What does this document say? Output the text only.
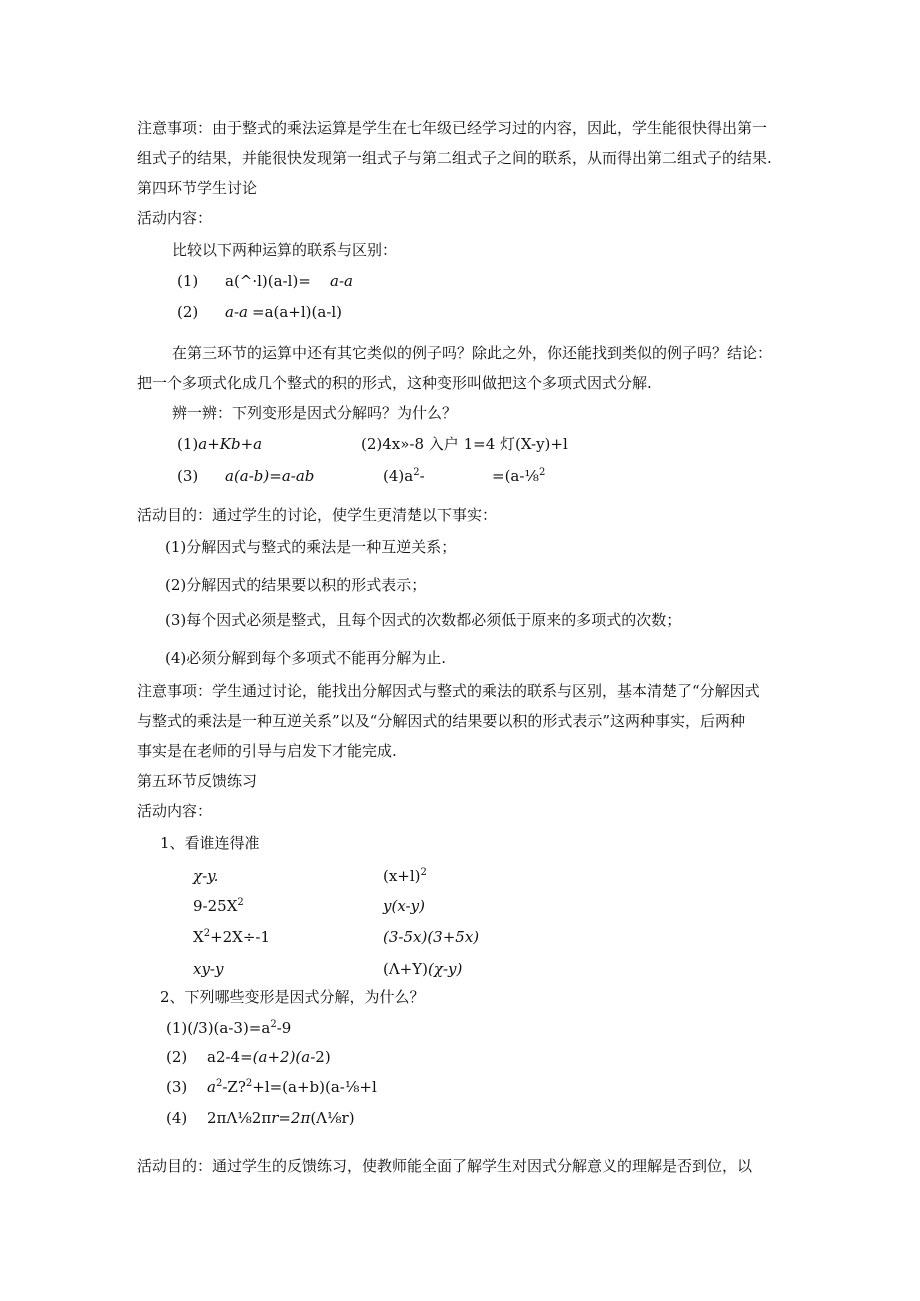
注意事项：由于整式的乘法运算是学生在七年级已经学习过的内容，因此，学生能很快得出第一
组式子的结果，并能很快发现第一组式子与第二组式子之间的联系，从而得出第二组式子的结果.
第四环节学生讨论
活动内容：
比较以下两种运算的联系与区别：
(1) a(^·l)(a-l)= a-a
(2) a-a =a(a+l)(a-l)
在第三环节的运算中还有其它类似的例子吗？除此之外，你还能找到类似的例子吗？结论：
把一个多项式化成几个整式的积的形式，这种变形叫做把这个多项式因式分解.
辨一辨：下列变形是因式分解吗？为什么？
(1)a+Kb+a	(2)4x»-8 入户 1=4 灯(X-y)+l
(3) a(a-b)=a-ab	$(4)a^2-$	=(a-⅛$^2$
活动目的：通过学生的讨论，使学生更清楚以下事实：
(1)分解因式与整式的乘法是一种互逆关系；
(2)分解因式的结果要以积的形式表示；
(3)每个因式必须是整式，且每个因式的次数都必须低于原来的多项式的次数；
(4)必须分解到每个多项式不能再分解为止.
注意事项：学生通过讨论，能找出分解因式与整式的乘法的联系与区别，基本清楚了“分解因式
与整式的乘法是一种互逆关系”以及“分解因式的结果要以积的形式表示”这两种事实，后两种
事实是在老师的引导与启发下才能完成.
第五环节反馈练习
活动内容：
1、看谁连得准
χ-y.	$(x+l)^2$
$9-25X^2$	y(x-y)
$X^2+2X\div-1$	(3-5x)(3+5x)
xy-y	(Λ+Y)(χ-y)
2、下列哪些变形是因式分解，为什么？
$(1)(/3)(a-3)=a^2-9$
(2) a2-4=(a+2)(a-2)
(3) $a^2-Z?^2+l=(a+b)(a-\frac{1}{8}+l$
(4) 2πΛ⅛2πr=2π(Λ⅛r)
活动目的：通过学生的反馈练习，使教师能全面了解学生对因式分解意义的理解是否到位，以
